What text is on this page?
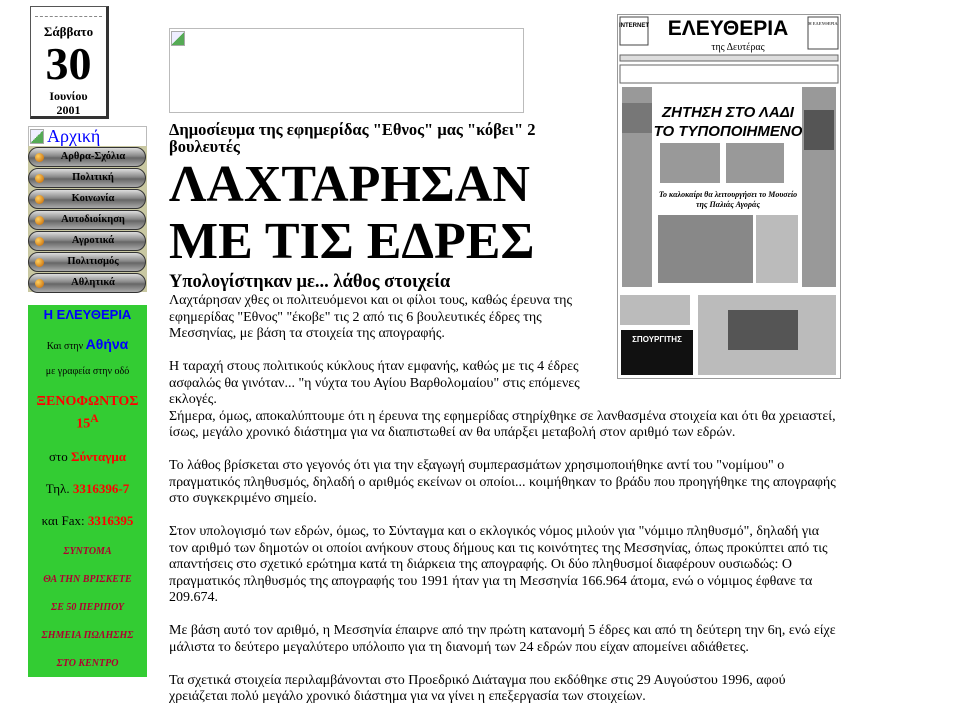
Σάββατο
30
Ιουνίου
2001
Αρχική
Αρθρα-Σχόλια
Πολιτική
Κοινωνία
Αυτοδιοίκηση
Αγροτικά
Πολιτισμός
Αθλητικά

Η ΕΛΕΥΘΕΡΙΑ

Και στην Αθήνα

με γραφεία στην οδό

ΞΕΝΟΦΩΝΤΟΣ
$15^A$

στο Σύνταγμα

Τηλ. 3316396-7

και Fax: 3316395

ΣΥΝΤΟΜΑ

ΘΑ ΤΗΝ ΒΡΙΣΚΕΤΕ

ΣΕ 50 ΠΕΡΙΠΟΥ

ΣΗΜΕΙΑ ΠΩΛΗΣΗΣ

ΣΤΟ ΚΕΝΤΡΟ

INTERNET ΕΛΕΥΘΕΡΙΑ
της Δευτέρας
Η ΕΛΕΥΘΕΡΙΑ
ΖΗΤΗΣΗ ΣΤΟ ΛΑΔΙ
ΤΟ ΤΥΠΟΠΟΙΗΜΕΝΟ
Το καλοκαίρι θα λειτουργήσει το Μουσείο της Παλιάς Αγοράς
ΣΠΟΥΡΓΙΤΗΣ
Δημοσίευμα της εφημερίδας "Εθνος" μας "κόβει" 2 βουλευτές
ΛΑΧΤΑΡΗΣΑΝ
ΜΕ ΤΙΣ ΕΔΡΕΣ
Υπολογίστηκαν με... λάθος στοιχεία

Λαχτάρησαν χθες οι πολιτευόμενοι και οι φίλοι τους, καθώς έρευνα της εφημερίδας "Εθνος" "έκοβε" τις 2 από τις 6 βουλευτικές έδρες της Μεσσηνίας, με βάση τα στοιχεία της απογραφής.

Η ταραχή στους πολιτικούς κύκλους ήταν εμφανής, καθώς με τις 4 έδρες ασφαλώς θα γινόταν... "η νύχτα του Αγίου Βαρθολομαίου" στις επόμενες εκλογές.
Σήμερα, όμως, αποκαλύπτουμε ότι η έρευνα της εφημερίδας στηρίχθηκε σε λανθασμένα στοιχεία και ότι θα χρειαστεί, ίσως, μεγάλο χρονικό διάστημα για να διαπιστωθεί αν θα υπάρξει μεταβολή στον αριθμό των εδρών.

Το λάθος βρίσκεται στο γεγονός ότι για την εξαγωγή συμπερασμάτων χρησιμοποιήθηκε αντί του "νομίμου" ο πραγματικός πληθυσμός, δηλαδή ο αριθμός εκείνων οι οποίοι... κοιμήθηκαν το βράδυ που προηγήθηκε της απογραφής στο συγκεκριμένο σημείο.

Στον υπολογισμό των εδρών, όμως, το Σύνταγμα και ο εκλογικός νόμος μιλούν για "νόμιμο πληθυσμό", δηλαδή για τον αριθμό των δημοτών οι οποίοι ανήκουν στους δήμους και τις κοινότητες της Μεσσηνίας, όπως προκύπτει από τις απαντήσεις στο σχετικό ερώτημα κατά τη διάρκεια της απογραφής. Οι δύο πληθυσμοί διαφέρουν ουσιωδώς: Ο πραγματικός πληθυσμός της απογραφής του 1991 ήταν για τη Μεσσηνία 166.964 άτομα, ενώ ο νόμιμος έφθανε τα 209.674.

Με βάση αυτό τον αριθμό, η Μεσσηνία έπαιρνε από την πρώτη κατανομή 5 έδρες και από τη δεύτερη την 6η, ενώ είχε μάλιστα το δεύτερο μεγαλύτερο υπόλοιπο για τη διανομή των 24 εδρών που είχαν απομείνει αδιάθετες.

Τα σχετικά στοιχεία περιλαμβάνονται στο Προεδρικό Διάταγμα που εκδόθηκε στις 29 Αυγούστου 1996, αφού χρειάζεται πολύ μεγάλο χρονικό διάστημα για να γίνει η επεξεργασία των στοιχείων.
